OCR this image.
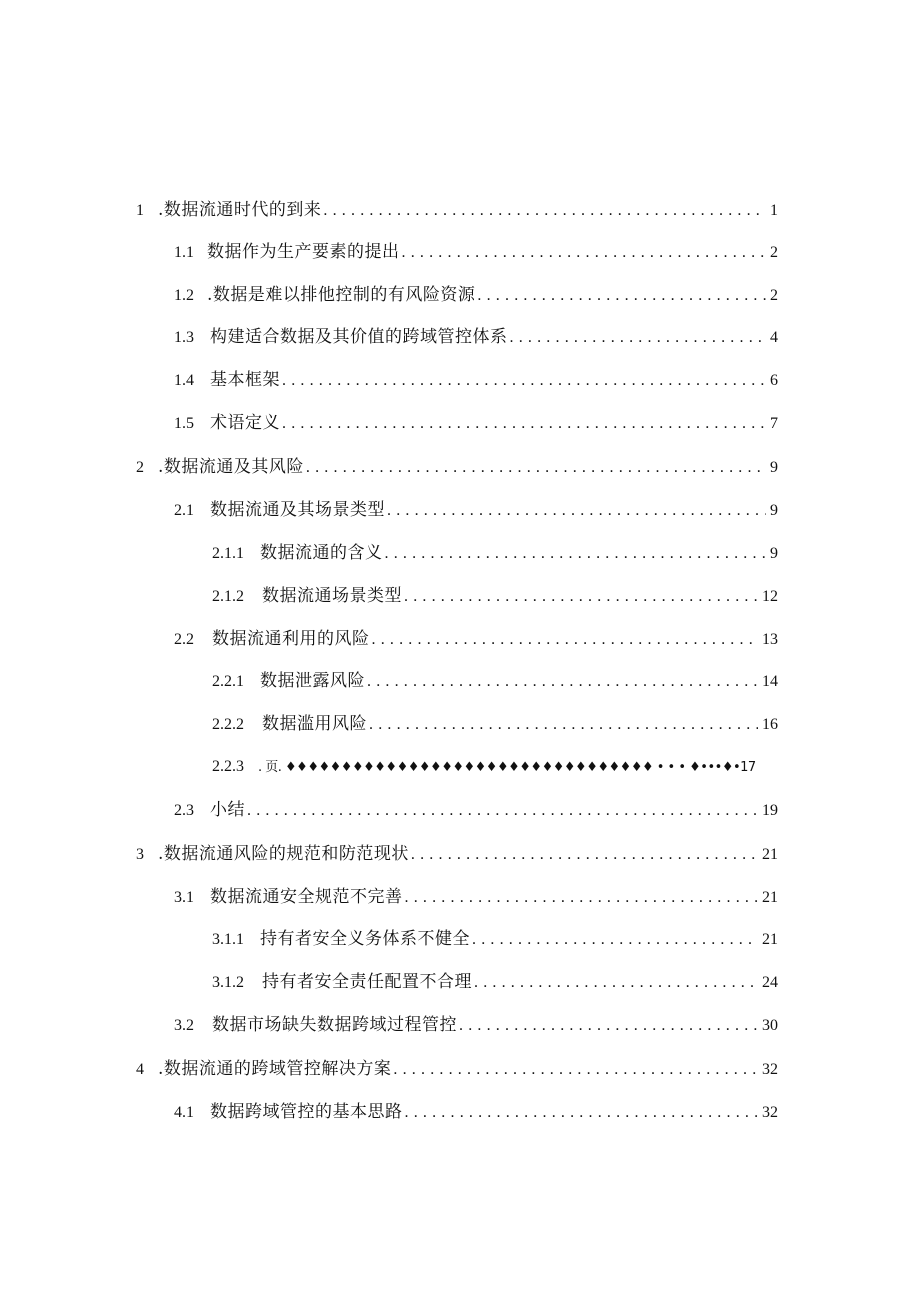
1 .数据流通时代的到来 . . .	1
1.1 数据作为生产要素的提出 . . .	2
1.2 .数据是难以排他控制的有风险资源 . . .	2
1.3 构建适合数据及其价值的跨域管控体系 . . .	4
1.4 基本框架 . . .	6
1.5 术语定义 . . .	7
2 .数据流通及其风险 . . .	9
2.1 数据流通及其场景类型 . . .	9
2.1.1 数据流通的含义 . . .	9
2.1.2	数据流通场景类型 . . .	12
2.2	数据流通利用的风险 . . .	13
2.2.1 数据泄露风险 . . .	14
2.2.2	数据滥用风险 . . .	16
2.2.3	. 页. ♦♦♦♦♦♦♦♦♦♦♦♦♦♦♦♦♦♦♦♦♦♦♦♦♦♦♦♦♦♦♦♦♦ • • • ♦•••♦•17
2.3 小结 . . .	19
3 .数据流通风险的规范和防范现状 . . .	21
3.1 数据流通安全规范不完善 . . .	21
3.1.1 持有者安全义务体系不健全 . . .	21
3.1.2	持有者安全责任配置不合理 . . .	24
3.2	数据市场缺失数据跨域过程管控 . . .	30
4 .数据流通的跨域管控解决方案 . . .	32
4.1 数据跨域管控的基本思路 . . .	32
